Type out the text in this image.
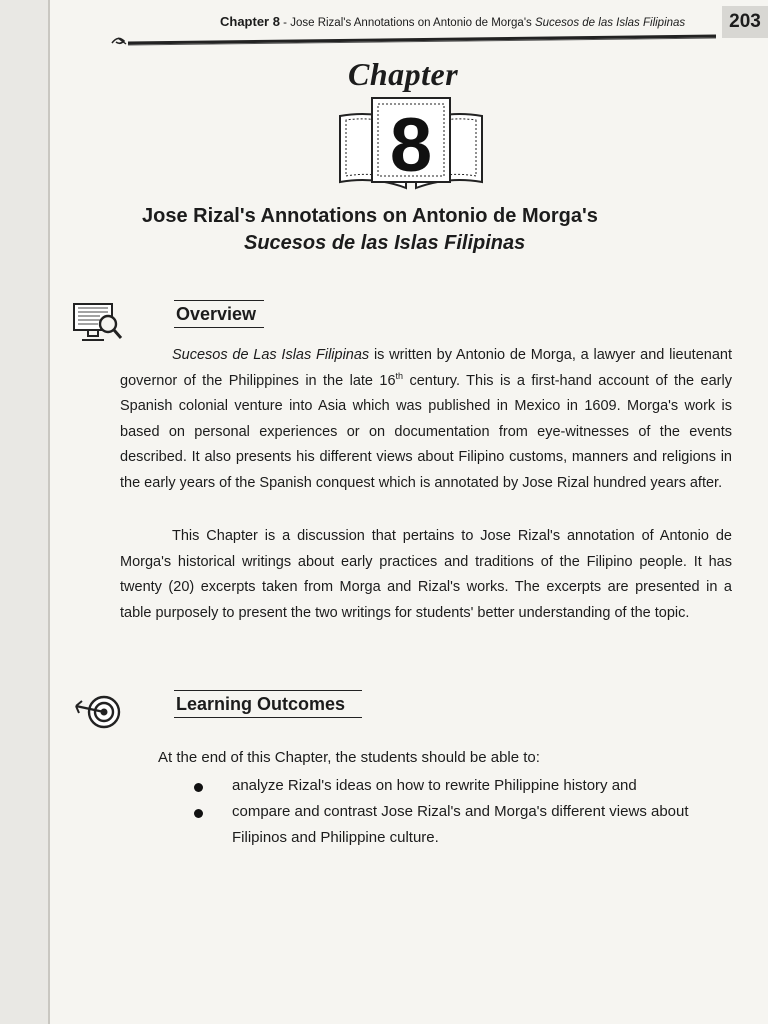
Chapter 8 - Jose Rizal's Annotations on Antonio de Morga's Sucesos de las Islas Filipinas	203
Chapter
8
Jose Rizal's Annotations on Antonio de Morga's
Sucesos de las Islas Filipinas
Overview
Sucesos de Las Islas Filipinas is written by Antonio de Morga, a lawyer and lieutenant governor of the Philippines in the late 16th century. This is a first-hand account of the early Spanish colonial venture into Asia which was published in Mexico in 1609. Morga's work is based on personal experiences or on documentation from eye-witnesses of the events described. It also presents his different views about Filipino customs, manners and religions in the early years of the Spanish conquest which is annotated by Jose Rizal hundred years after.
This Chapter is a discussion that pertains to Jose Rizal's annotation of Antonio de Morga's historical writings about early practices and traditions of the Filipino people. It has twenty (20) excerpts taken from Morga and Rizal's works. The excerpts are presented in a table purposely to present the two writings for students' better understanding of the topic.
Learning Outcomes
At the end of this Chapter, the students should be able to:
analyze Rizal's ideas on how to rewrite Philippine history and
compare and contrast Jose Rizal's and Morga's different views about Filipinos and Philippine culture.
